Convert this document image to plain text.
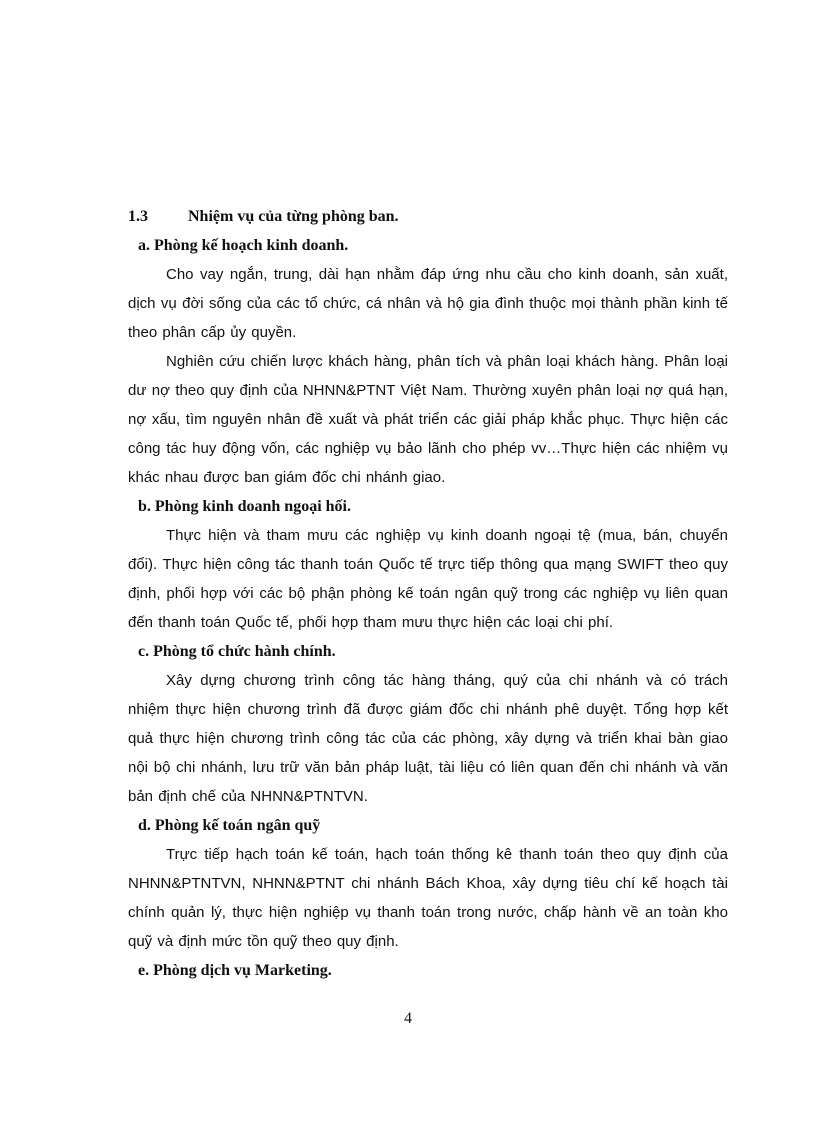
1.3	Nhiệm vụ của từng phòng ban.
a. Phòng kế hoạch kinh doanh.

Cho vay ngắn, trung, dài hạn nhằm đáp ứng nhu cầu cho kinh doanh, sản xuất, dịch vụ đời sống của các tổ chức, cá nhân và hộ gia đình thuộc mọi thành phần kinh tế theo phân cấp ủy quyền.

Nghiên cứu chiến lược khách hàng, phân tích và phân loại khách hàng. Phân loại dư nợ theo quy định của NHNN&PTNT Việt Nam. Thường xuyên phân loại nợ quá hạn, nợ xấu, tìm nguyên nhân đề xuất và phát triển các giải pháp khắc phục. Thực hiện các công tác huy động vốn, các nghiệp vụ bảo lãnh cho phép vv…Thực hiện các nhiệm vụ khác nhau được ban giám đốc chi nhánh giao.

b. Phòng kinh doanh ngoại hối.

Thực hiện và tham mưu các nghiệp vụ kinh doanh ngoại tệ (mua, bán, chuyển đổi). Thực hiện công tác thanh toán Quốc tế trực tiếp thông qua mạng SWIFT theo quy định, phối hợp với các bộ phận phòng kế toán ngân quỹ trong các nghiệp vụ liên quan đến thanh toán Quốc tế, phối hợp tham mưu thực hiện các loại chi phí.

c. Phòng tổ chức hành chính.

Xây dựng chương trình công tác hàng tháng, quý của chi nhánh và có trách nhiệm thực hiện chương trình đã được giám đốc chi nhánh phê duyệt. Tổng hợp kết quả thực hiện chương trình công tác của các phòng, xây dựng và triển khai bàn giao nội bộ chi nhánh, lưu trữ văn bản pháp luật, tài liệu có liên quan đến chi nhánh và văn bản định chế của NHNN&PTNTVN.

d. Phòng kế toán ngân quỹ

Trực tiếp hạch toán kế toán, hạch toán thống kê thanh toán theo quy định của NHNN&PTNTVN, NHNN&PTNT chi nhánh Bách Khoa, xây dựng tiêu chí kế hoạch tài chính quản lý, thực hiện nghiệp vụ thanh toán trong nước, chấp hành về an toàn kho quỹ và định mức tồn quỹ theo quy định.

e. Phòng dịch vụ Marketing.
4
